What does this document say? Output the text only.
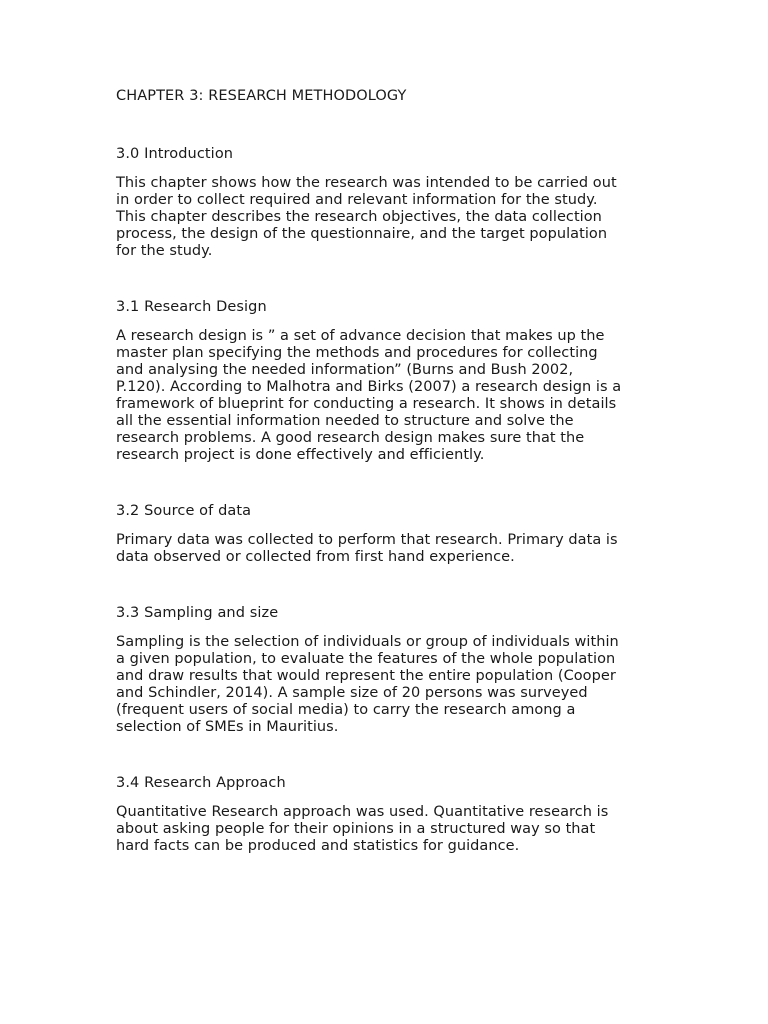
CHAPTER 3: RESEARCH METHODOLOGY
3.0 Introduction

This chapter shows how the research was intended to be carried out
in order to collect required and relevant information for the study.
This chapter describes the research objectives, the data collection
process, the design of the questionnaire, and the target population
for the study.

3.1 Research Design

A research design is ” a set of advance decision that makes up the
master plan specifying the methods and procedures for collecting
and analysing the needed information” (Burns and Bush 2002,
P.120). According to Malhotra and Birks (2007) a research design is a
framework of blueprint for conducting a research. It shows in details
all the essential information needed to structure and solve the
research problems. A good research design makes sure that the
research project is done effectively and efficiently.

3.2 Source of data

Primary data was collected to perform that research. Primary data is
data observed or collected from first hand experience.

3.3 Sampling and size

Sampling is the selection of individuals or group of individuals within
a given population, to evaluate the features of the whole population
and draw results that would represent the entire population (Cooper
and Schindler, 2014). A sample size of 20 persons was surveyed
(frequent users of social media) to carry the research among a
selection of SMEs in Mauritius.

3.4 Research Approach

Quantitative Research approach was used. Quantitative research is
about asking people for their opinions in a structured way so that
hard facts can be produced and statistics for guidance.
